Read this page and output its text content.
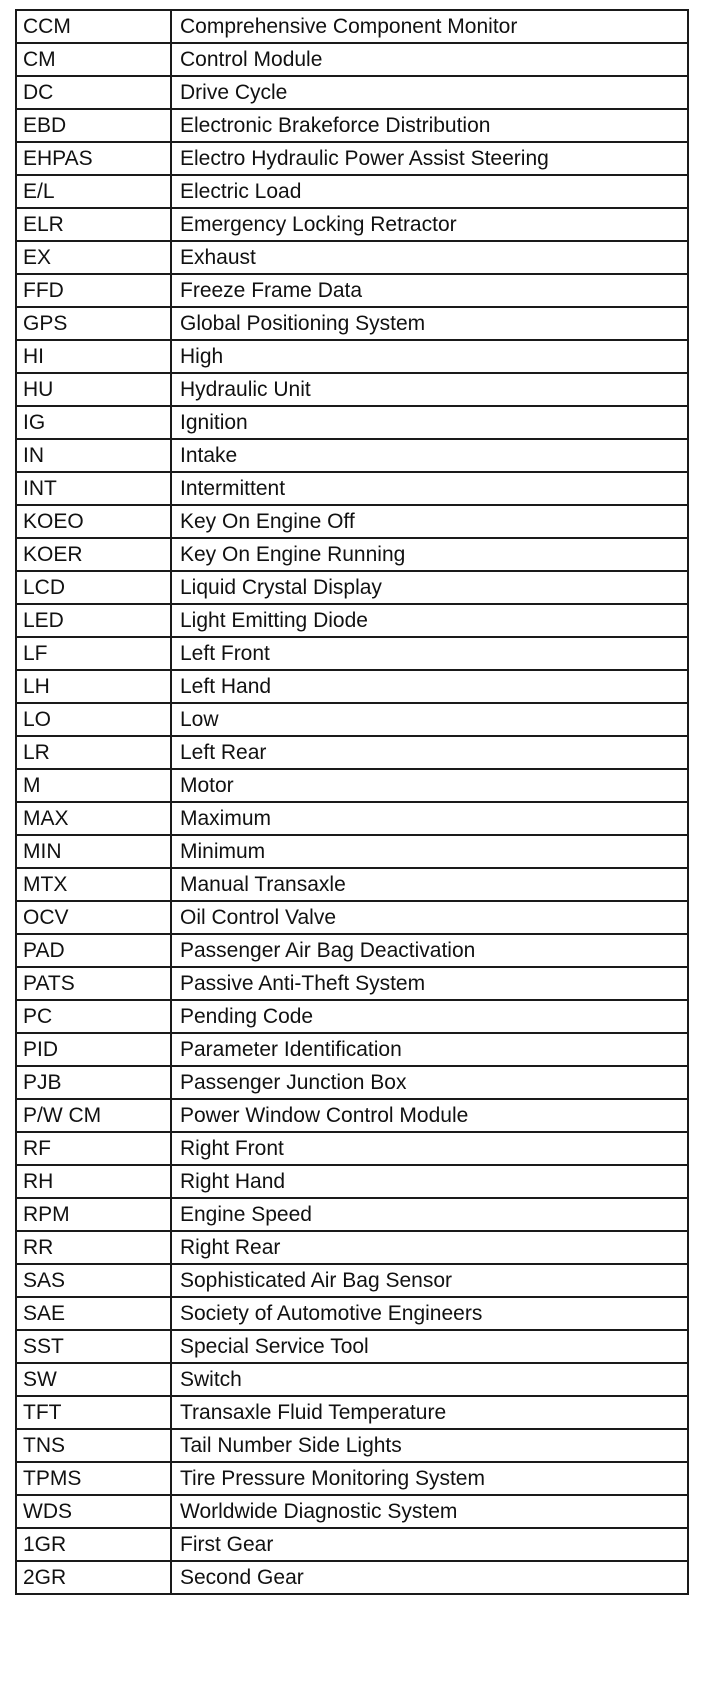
CCM	Comprehensive Component Monitor
CM	Control Module
DC	Drive Cycle
EBD	Electronic Brakeforce Distribution
EHPAS	Electro Hydraulic Power Assist Steering
E/L	Electric Load
ELR	Emergency Locking Retractor
EX	Exhaust
FFD	Freeze Frame Data
GPS	Global Positioning System
HI	High
HU	Hydraulic Unit
IG	Ignition
IN	Intake
INT	Intermittent
KOEO	Key On Engine Off
KOER	Key On Engine Running
LCD	Liquid Crystal Display
LED	Light Emitting Diode
LF	Left Front
LH	Left Hand
LO	Low
LR	Left Rear
M	Motor
MAX	Maximum
MIN	Minimum
MTX	Manual Transaxle
OCV	Oil Control Valve
PAD	Passenger Air Bag Deactivation
PATS	Passive Anti-Theft System
PC	Pending Code
PID	Parameter Identification
PJB	Passenger Junction Box
P/W CM	Power Window Control Module
RF	Right Front
RH	Right Hand
RPM	Engine Speed
RR	Right Rear
SAS	Sophisticated Air Bag Sensor
SAE	Society of Automotive Engineers
SST	Special Service Tool
SW	Switch
TFT	Transaxle Fluid Temperature
TNS	Tail Number Side Lights
TPMS	Tire Pressure Monitoring System
WDS	Worldwide Diagnostic System
1GR	First Gear
2GR	Second Gear
